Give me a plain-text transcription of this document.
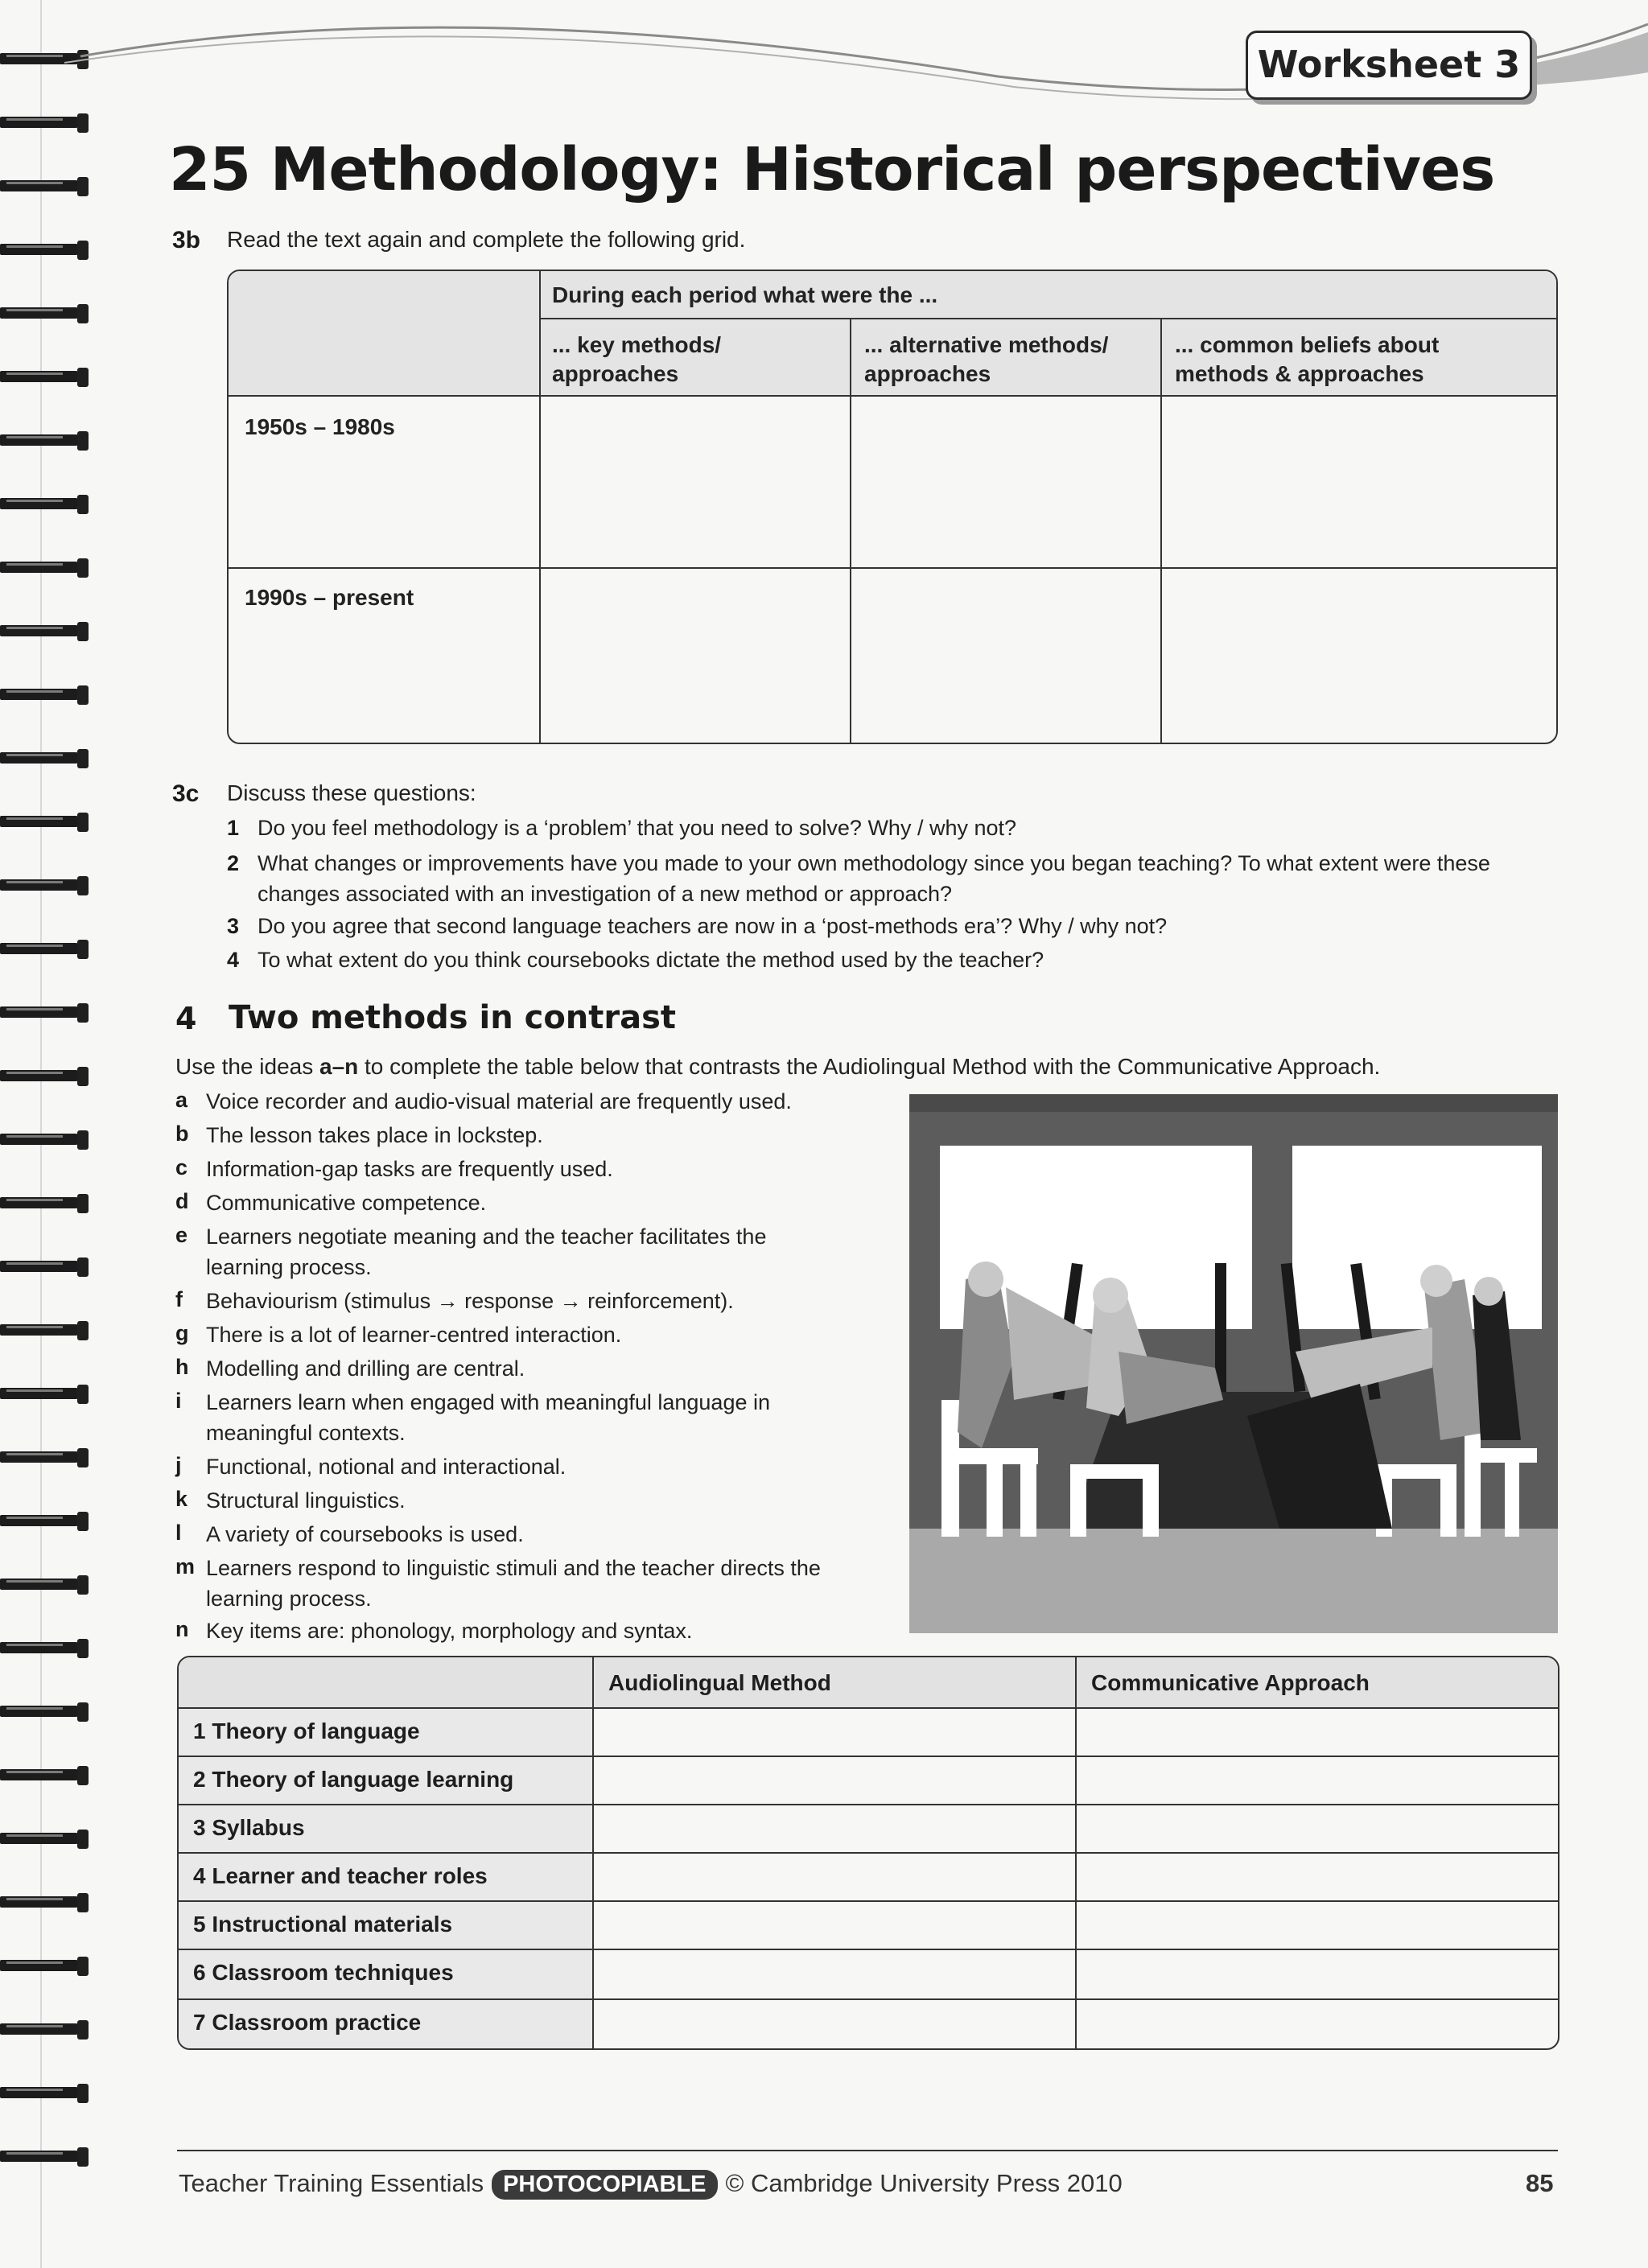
Worksheet 3
25 Methodology: Historical perspectives
3b Read the text again and complete the following grid.
During each period what were the ...
... key methods/ approaches
... alternative methods/ approaches
... common beliefs about methods & approaches
1950s – 1980s
1990s – present
3c Discuss these questions:
1 Do you feel methodology is a ‘problem’ that you need to solve? Why / why not?
2 What changes or improvements have you made to your own methodology since you began teaching? To what extent were these changes associated with an investigation of a new method or approach?
3 Do you agree that second language teachers are now in a ‘post-methods era’? Why / why not?
4 To what extent do you think coursebooks dictate the method used by the teacher?
4 Two methods in contrast
Use the ideas a–n to complete the table below that contrasts the Audiolingual Method with the Communicative Approach.
a Voice recorder and audio-visual material are frequently used.
b The lesson takes place in lockstep.
c Information-gap tasks are frequently used.
d Communicative competence.
e Learners negotiate meaning and the teacher facilitates the learning process.
f Behaviourism (stimulus → response → reinforcement).
g There is a lot of learner-centred interaction.
h Modelling and drilling are central.
i Learners learn when engaged with meaningful language in meaningful contexts.
j Functional, notional and interactional.
k Structural linguistics.
l A variety of coursebooks is used.
m Learners respond to linguistic stimuli and the teacher directs the learning process.
n Key items are: phonology, morphology and syntax.
Audiolingual Method	Communicative Approach
1 Theory of language
2 Theory of language learning
3 Syllabus
4 Learner and teacher roles
5 Instructional materials
6 Classroom techniques
7 Classroom practice
Teacher Training Essentials PHOTOCOPIABLE © Cambridge University Press 2010	85
